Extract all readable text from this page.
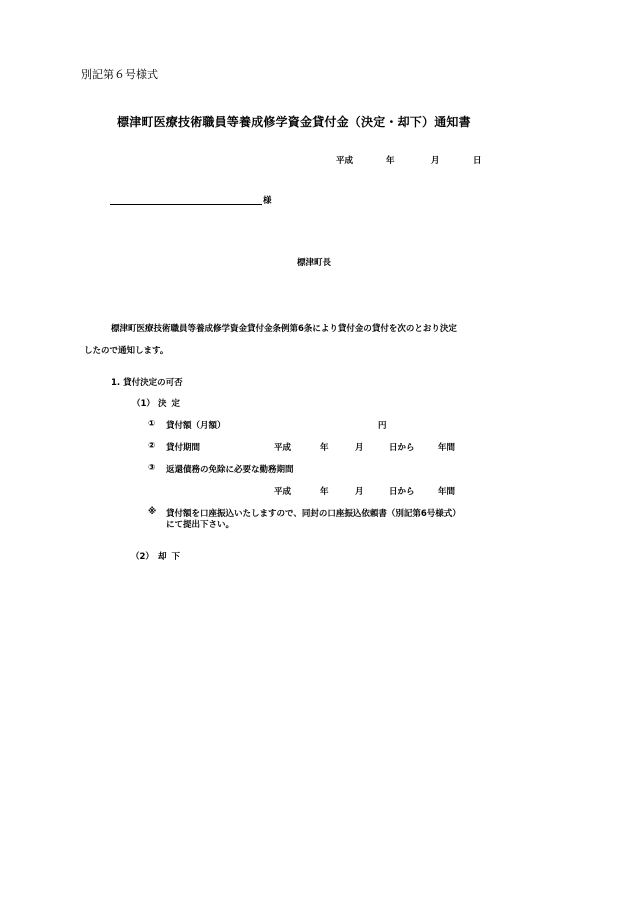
別記第６号様式
標津町医療技術職員等養成修学資金貸付金（決定・却下）通知書
平成	年	月	日
様
標津町長
標津町医療技術職員等養成修学資金貸付金条例第6条により貸付金の貸付を次のとおり決定
したので通知します。
1. 貸付決定の可否
（1） 決定
① 貸付額（月額）	円
② 貸付期間	平成	年	月	日から	年間
③ 返還債務の免除に必要な勤務期間
平成	年	月	日から	年間
※ 貸付額を口座振込いたしますので、同封の口座振込依頼書（別記第6号様式）
にて提出下さい。
（2） 却下
